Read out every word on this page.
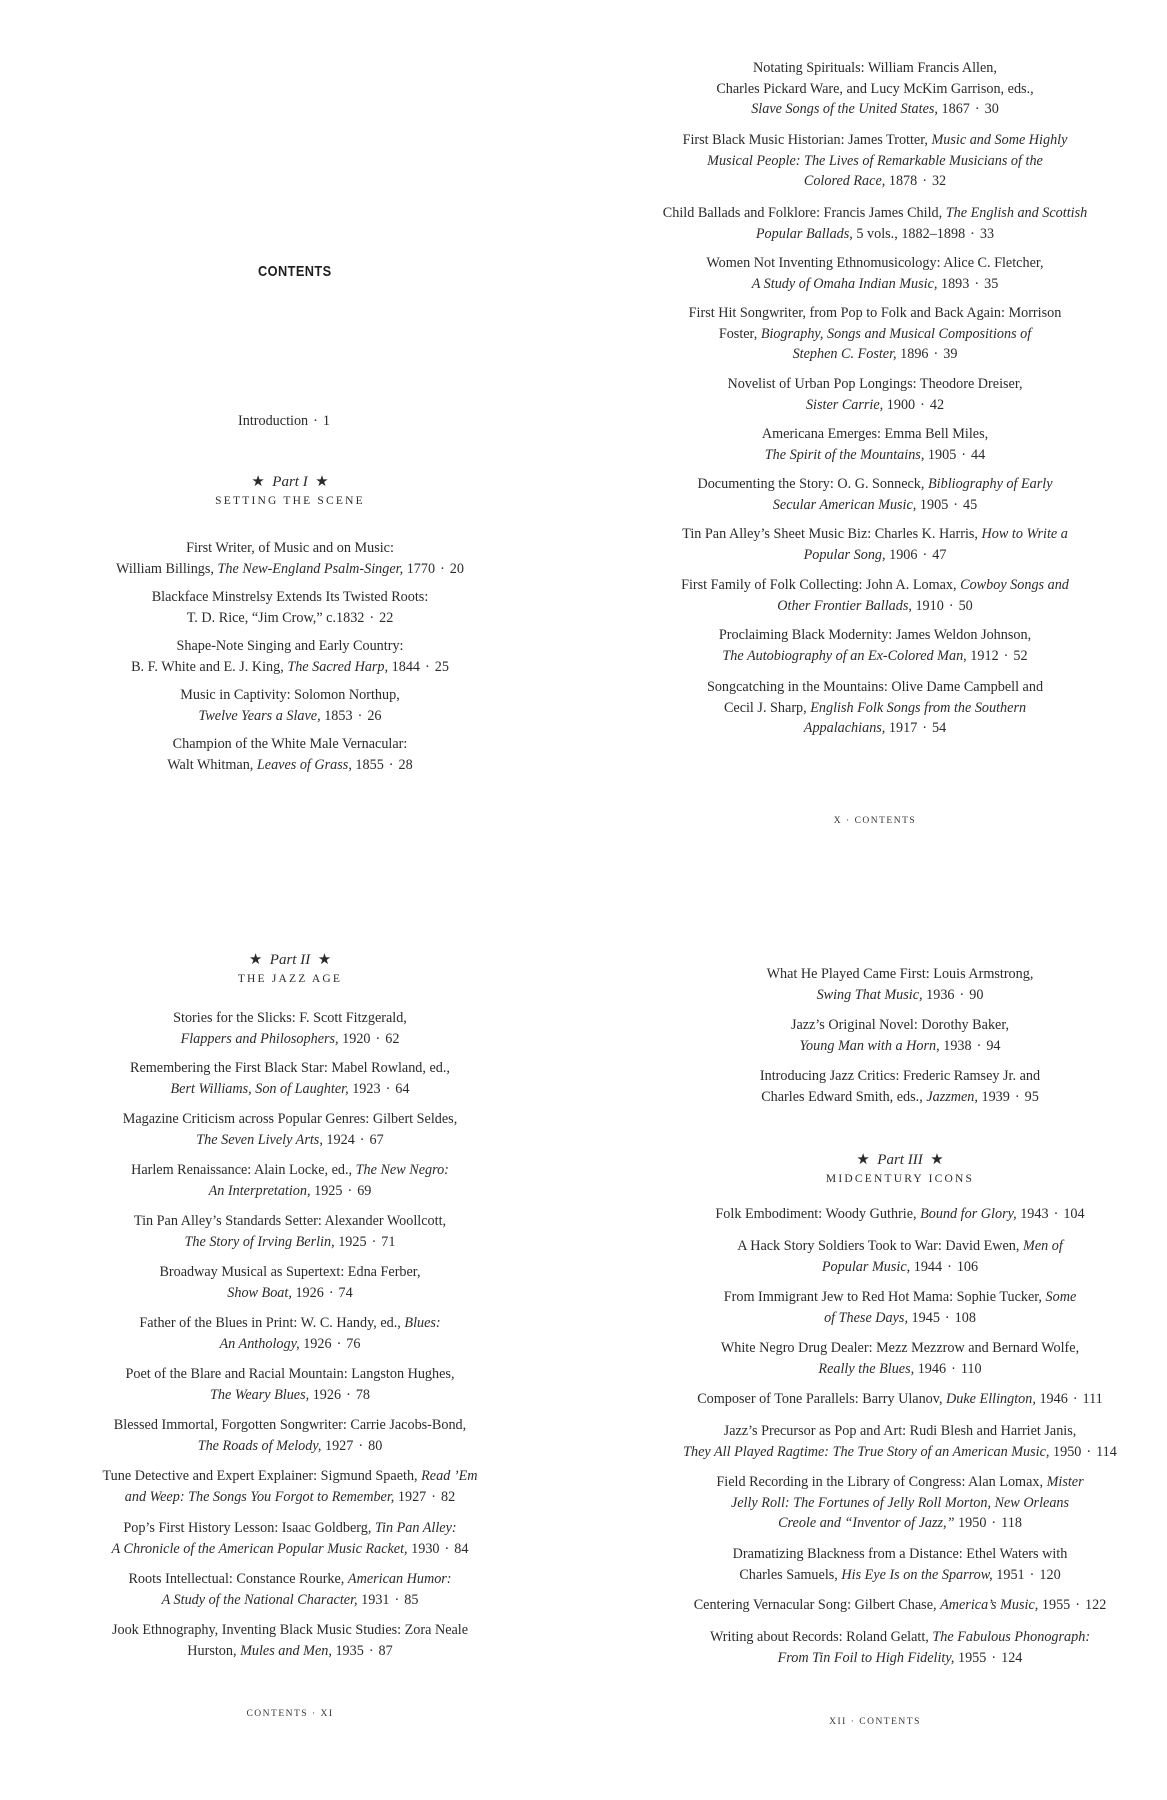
CONTENTS
Introduction · 1
★ Part I ★
SETTING THE SCENE
First Writer, of Music and on Music:
William Billings, The New-England Psalm-Singer, 1770 · 20
Blackface Minstrelsy Extends Its Twisted Roots:
T. D. Rice, “Jim Crow,” c.1832 · 22
Shape-Note Singing and Early Country:
B. F. White and E. J. King, The Sacred Harp, 1844 · 25
Music in Captivity: Solomon Northup,
Twelve Years a Slave, 1853 · 26
Champion of the White Male Vernacular:
Walt Whitman, Leaves of Grass, 1855 · 28
Notating Spirituals: William Francis Allen,
Charles Pickard Ware, and Lucy McKim Garrison, eds.,
Slave Songs of the United States, 1867 · 30
First Black Music Historian: James Trotter, Music and Some Highly
Musical People: The Lives of Remarkable Musicians of the
Colored Race, 1878 · 32
Child Ballads and Folklore: Francis James Child, The English and Scottish
Popular Ballads, 5 vols., 1882–1898 · 33
Women Not Inventing Ethnomusicology: Alice C. Fletcher,
A Study of Omaha Indian Music, 1893 · 35
First Hit Songwriter, from Pop to Folk and Back Again: Morrison
Foster, Biography, Songs and Musical Compositions of
Stephen C. Foster, 1896 · 39
Novelist of Urban Pop Longings: Theodore Dreiser,
Sister Carrie, 1900 · 42
Americana Emerges: Emma Bell Miles,
The Spirit of the Mountains, 1905 · 44
Documenting the Story: O. G. Sonneck, Bibliography of Early
Secular American Music, 1905 · 45
Tin Pan Alley’s Sheet Music Biz: Charles K. Harris, How to Write a
Popular Song, 1906 · 47
First Family of Folk Collecting: John A. Lomax, Cowboy Songs and
Other Frontier Ballads, 1910 · 50
Proclaiming Black Modernity: James Weldon Johnson,
The Autobiography of an Ex-Colored Man, 1912 · 52
Songcatching in the Mountains: Olive Dame Campbell and
Cecil J. Sharp, English Folk Songs from the Southern
Appalachians, 1917 · 54
X · CONTENTS
★ Part II ★
THE JAZZ AGE
Stories for the Slicks: F. Scott Fitzgerald,
Flappers and Philosophers, 1920 · 62
Remembering the First Black Star: Mabel Rowland, ed.,
Bert Williams, Son of Laughter, 1923 · 64
Magazine Criticism across Popular Genres: Gilbert Seldes,
The Seven Lively Arts, 1924 · 67
Harlem Renaissance: Alain Locke, ed., The New Negro:
An Interpretation, 1925 · 69
Tin Pan Alley’s Standards Setter: Alexander Woollcott,
The Story of Irving Berlin, 1925 · 71
Broadway Musical as Supertext: Edna Ferber,
Show Boat, 1926 · 74
Father of the Blues in Print: W. C. Handy, ed., Blues:
An Anthology, 1926 · 76
Poet of the Blare and Racial Mountain: Langston Hughes,
The Weary Blues, 1926 · 78
Blessed Immortal, Forgotten Songwriter: Carrie Jacobs-Bond,
The Roads of Melody, 1927 · 80
Tune Detective and Expert Explainer: Sigmund Spaeth, Read ’Em
and Weep: The Songs You Forgot to Remember, 1927 · 82
Pop’s First History Lesson: Isaac Goldberg, Tin Pan Alley:
A Chronicle of the American Popular Music Racket, 1930 · 84
Roots Intellectual: Constance Rourke, American Humor:
A Study of the National Character, 1931 · 85
Jook Ethnography, Inventing Black Music Studies: Zora Neale
Hurston, Mules and Men, 1935 · 87
CONTENTS · XI
What He Played Came First: Louis Armstrong,
Swing That Music, 1936 · 90
Jazz’s Original Novel: Dorothy Baker,
Young Man with a Horn, 1938 · 94
Introducing Jazz Critics: Frederic Ramsey Jr. and
Charles Edward Smith, eds., Jazzmen, 1939 · 95
★ Part III ★
MIDCENTURY ICONS
Folk Embodiment: Woody Guthrie, Bound for Glory, 1943 · 104
A Hack Story Soldiers Took to War: David Ewen, Men of
Popular Music, 1944 · 106
From Immigrant Jew to Red Hot Mama: Sophie Tucker, Some
of These Days, 1945 · 108
White Negro Drug Dealer: Mezz Mezzrow and Bernard Wolfe,
Really the Blues, 1946 · 110
Composer of Tone Parallels: Barry Ulanov, Duke Ellington, 1946 · 111
Jazz’s Precursor as Pop and Art: Rudi Blesh and Harriet Janis,
They All Played Ragtime: The True Story of an American Music, 1950 · 114
Field Recording in the Library of Congress: Alan Lomax, Mister
Jelly Roll: The Fortunes of Jelly Roll Morton, New Orleans
Creole and “Inventor of Jazz,” 1950 · 118
Dramatizing Blackness from a Distance: Ethel Waters with
Charles Samuels, His Eye Is on the Sparrow, 1951 · 120
Centering Vernacular Song: Gilbert Chase, America’s Music, 1955 · 122
Writing about Records: Roland Gelatt, The Fabulous Phonograph:
From Tin Foil to High Fidelity, 1955 · 124
XII · CONTENTS
